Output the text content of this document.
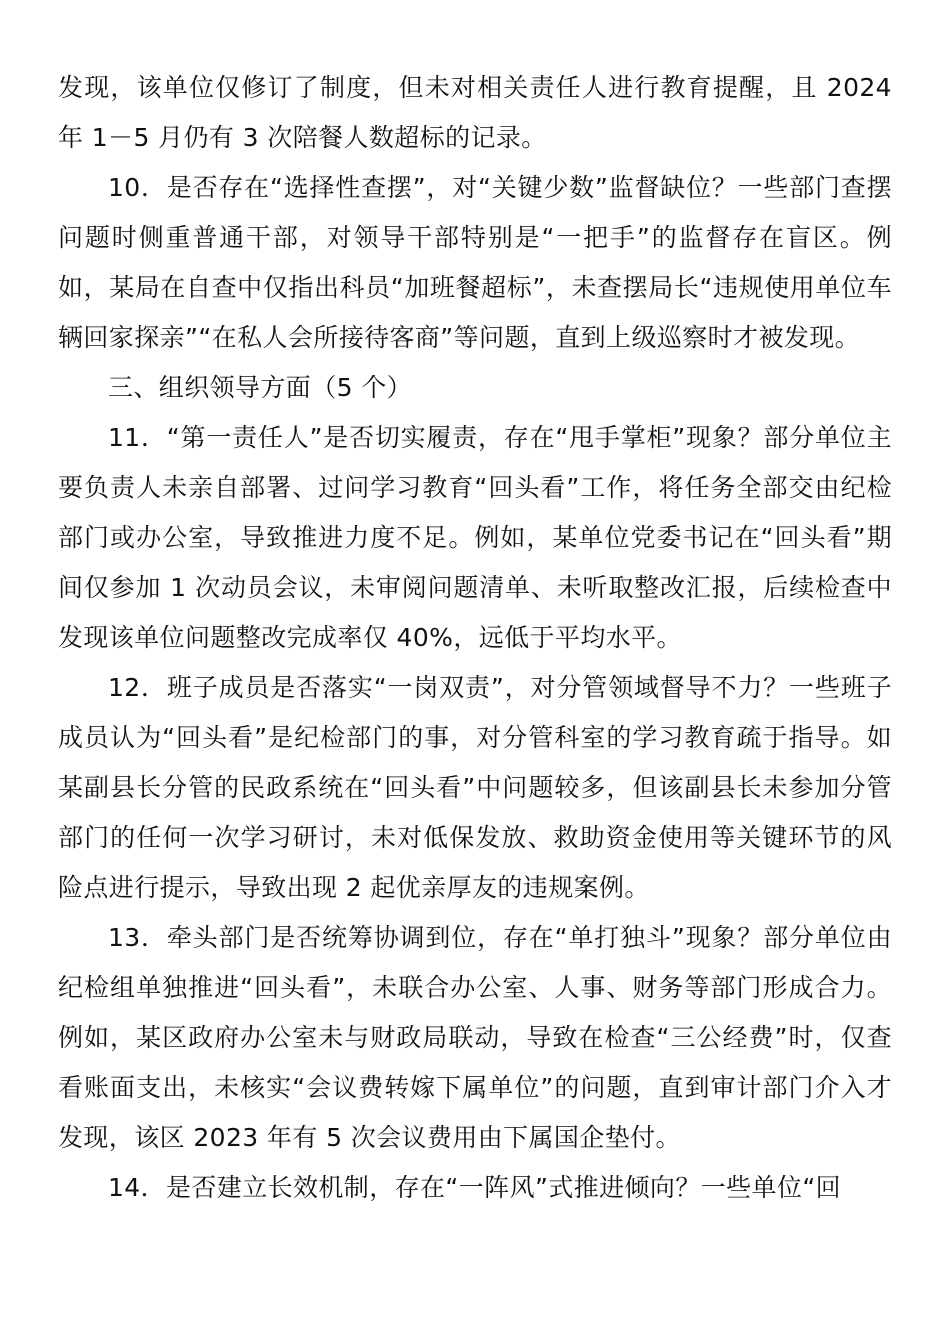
发现，该单位仅修订了制度，但未对相关责任人进行教育提醒，且 2024 年 1－5 月仍有 3 次陪餐人数超标的记录。

10．是否存在“选择性查摆”，对“关键少数”监督缺位？一些部门查摆问题时侧重普通干部，对领导干部特别是“一把手”的监督存在盲区。例如，某局在自查中仅指出科员“加班餐超标”，未查摆局长“违规使用单位车辆回家探亲”“在私人会所接待客商”等问题，直到上级巡察时才被发现。

三、组织领导方面（5 个）

11．“第一责任人”是否切实履责，存在“甩手掌柜”现象？部分单位主要负责人未亲自部署、过问学习教育“回头看”工作，将任务全部交由纪检部门或办公室，导致推进力度不足。例如，某单位党委书记在“回头看”期间仅参加 1 次动员会议，未审阅问题清单、未听取整改汇报，后续检查中发现该单位问题整改完成率仅 40%，远低于平均水平。

12．班子成员是否落实“一岗双责”，对分管领域督导不力？一些班子成员认为“回头看”是纪检部门的事，对分管科室的学习教育疏于指导。如某副县长分管的民政系统在“回头看”中问题较多，但该副县长未参加分管部门的任何一次学习研讨，未对低保发放、救助资金使用等关键环节的风险点进行提示，导致出现 2 起优亲厚友的违规案例。

13．牵头部门是否统筹协调到位，存在“单打独斗”现象？部分单位由纪检组单独推进“回头看”，未联合办公室、人事、财务等部门形成合力。例如，某区政府办公室未与财政局联动，导致在检查“三公经费”时，仅查看账面支出，未核实“会议费转嫁下属单位”的问题，直到审计部门介入才发现，该区 2023 年有 5 次会议费用由下属国企垫付。

14．是否建立长效机制，存在“一阵风”式推进倾向？一些单位“回
